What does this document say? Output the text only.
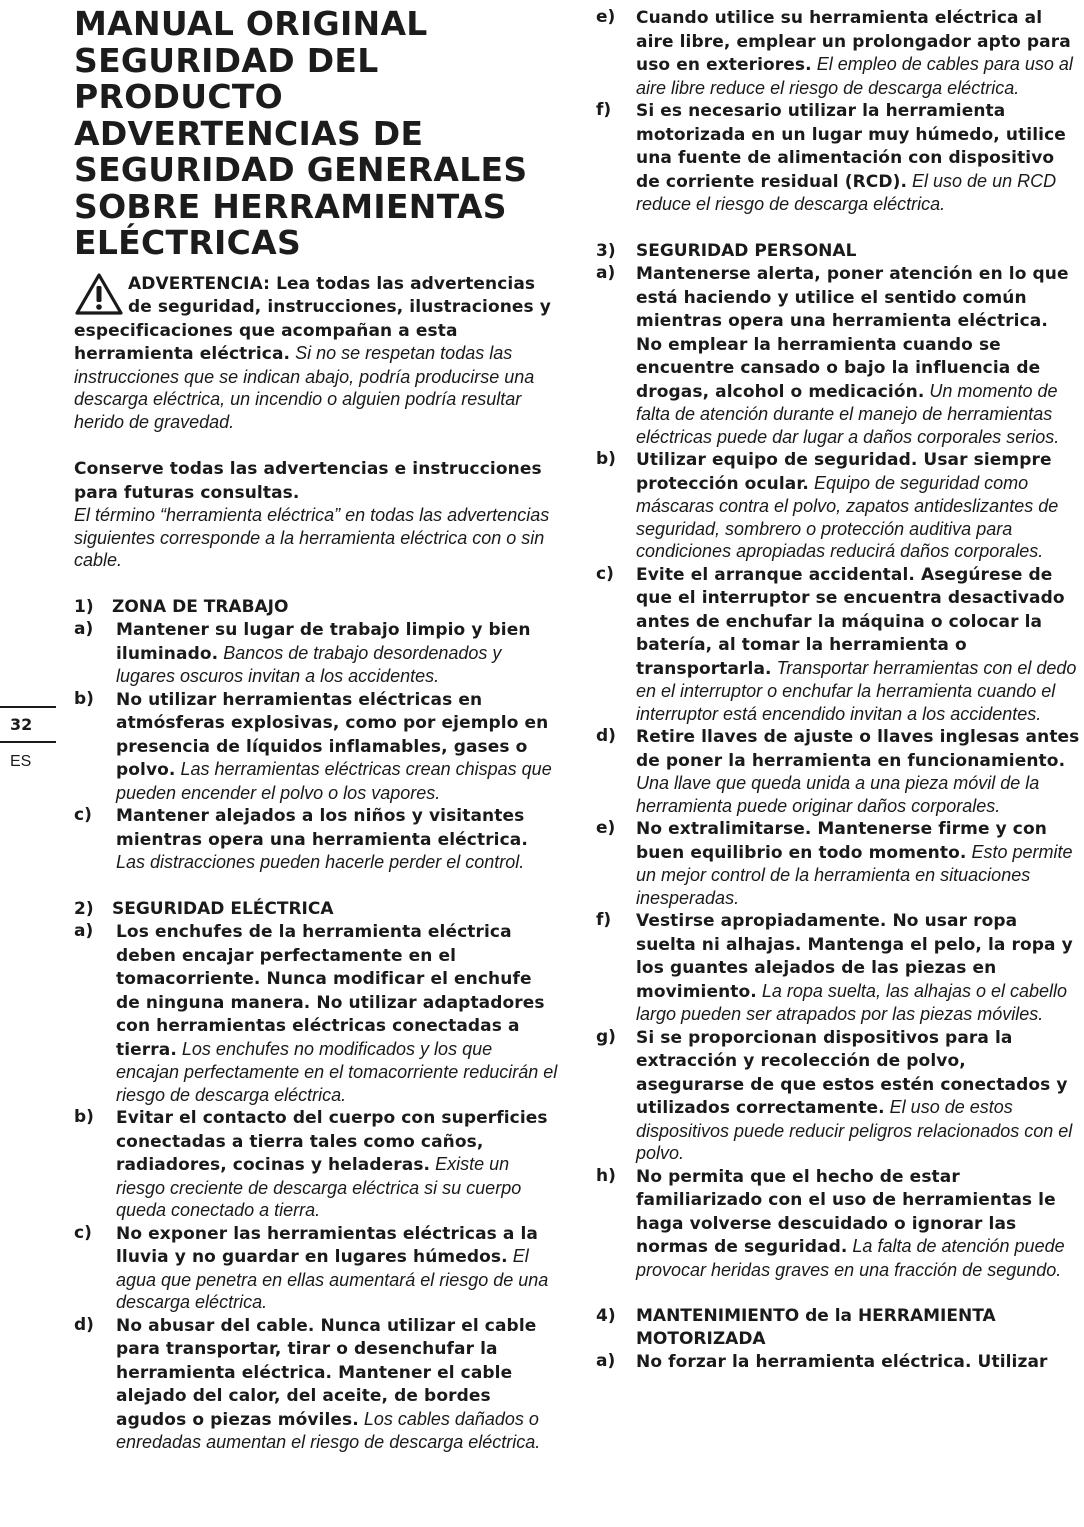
MANUAL ORIGINAL
SEGURIDAD DEL
PRODUCTO
ADVERTENCIAS DE
SEGURIDAD GENERALES
SOBRE HERRAMIENTAS
ELÉCTRICAS
ADVERTENCIA: Lea todas las advertencias de seguridad, instrucciones, ilustraciones y especificaciones que acompañan a esta herramienta eléctrica. Si no se respetan todas las instrucciones que se indican abajo, podría producirse una descarga eléctrica, un incendio o alguien podría resultar herido de gravedad.
Conserve todas las advertencias e instrucciones para futuras consultas.
El término “herramienta eléctrica” en todas las advertencias siguientes corresponde a la herramienta eléctrica con o sin cable.
1) ZONA DE TRABAJO
a) Mantener su lugar de trabajo limpio y bien iluminado. Bancos de trabajo desordenados y lugares oscuros invitan a los accidentes.
b) No utilizar herramientas eléctricas en atmósferas explosivas, como por ejemplo en presencia de líquidos inflamables, gases o polvo. Las herramientas eléctricas crean chispas que pueden encender el polvo o los vapores.
c) Mantener alejados a los niños y visitantes mientras opera una herramienta eléctrica. Las distracciones pueden hacerle perder el control.
2) SEGURIDAD ELÉCTRICA
a) Los enchufes de la herramienta eléctrica deben encajar perfectamente en el tomacorriente. Nunca modificar el enchufe de ninguna manera. No utilizar adaptadores con herramientas eléctricas conectadas a tierra. Los enchufes no modificados y los que encajan perfectamente en el tomacorriente reducirán el riesgo de descarga eléctrica.
b) Evitar el contacto del cuerpo con superficies conectadas a tierra tales como caños, radiadores, cocinas y heladeras. Existe un riesgo creciente de descarga eléctrica si su cuerpo queda conectado a tierra.
c) No exponer las herramientas eléctricas a la lluvia y no guardar en lugares húmedos. El agua que penetra en ellas aumentará el riesgo de una descarga eléctrica.
d) No abusar del cable. Nunca utilizar el cable para transportar, tirar o desenchufar la herramienta eléctrica. Mantener el cable alejado del calor, del aceite, de bordes agudos o piezas móviles. Los cables dañados o enredadas aumentan el riesgo de descarga eléctrica.
32
ES
e) Cuando utilice su herramienta eléctrica al aire libre, emplear un prolongador apto para uso en exteriores. El empleo de cables para uso al aire libre reduce el riesgo de descarga eléctrica.
f) Si es necesario utilizar la herramienta motorizada en un lugar muy húmedo, utilice una fuente de alimentación con dispositivo de corriente residual (RCD). El uso de un RCD reduce el riesgo de descarga eléctrica.
3) SEGURIDAD PERSONAL
a) Mantenerse alerta, poner atención en lo que está haciendo y utilice el sentido común mientras opera una herramienta eléctrica. No emplear la herramienta cuando se encuentre cansado o bajo la influencia de drogas, alcohol o medicación. Un momento de falta de atención durante el manejo de herramientas eléctricas puede dar lugar a daños corporales serios.
b) Utilizar equipo de seguridad. Usar siempre protección ocular. Equipo de seguridad como máscaras contra el polvo, zapatos antideslizantes de seguridad, sombrero o protección auditiva para condiciones apropiadas reducirá daños corporales.
c) Evite el arranque accidental. Asegúrese de que el interruptor se encuentra desactivado antes de enchufar la máquina o colocar la batería, al tomar la herramienta o transportarla. Transportar herramientas con el dedo en el interruptor o enchufar la herramienta cuando el interruptor está encendido invitan a los accidentes.
d) Retire llaves de ajuste o llaves inglesas antes de poner la herramienta en funcionamiento. Una llave que queda unida a una pieza móvil de la herramienta puede originar daños corporales.
e) No extralimitarse. Mantenerse firme y con buen equilibrio en todo momento. Esto permite un mejor control de la herramienta en situaciones inesperadas.
f) Vestirse apropiadamente. No usar ropa suelta ni alhajas. Mantenga el pelo, la ropa y los guantes alejados de las piezas en movimiento. La ropa suelta, las alhajas o el cabello largo pueden ser atrapados por las piezas móviles.
g) Si se proporcionan dispositivos para la extracción y recolección de polvo, asegurarse de que estos estén conectados y utilizados correctamente. El uso de estos dispositivos puede reducir peligros relacionados con el polvo.
h) No permita que el hecho de estar familiarizado con el uso de herramientas le haga volverse descuidado o ignorar las normas de seguridad. La falta de atención puede provocar heridas graves en una fracción de segundo.
4) MANTENIMIENTO de la HERRAMIENTA MOTORIZADA
a) No forzar la herramienta eléctrica. Utilizar
